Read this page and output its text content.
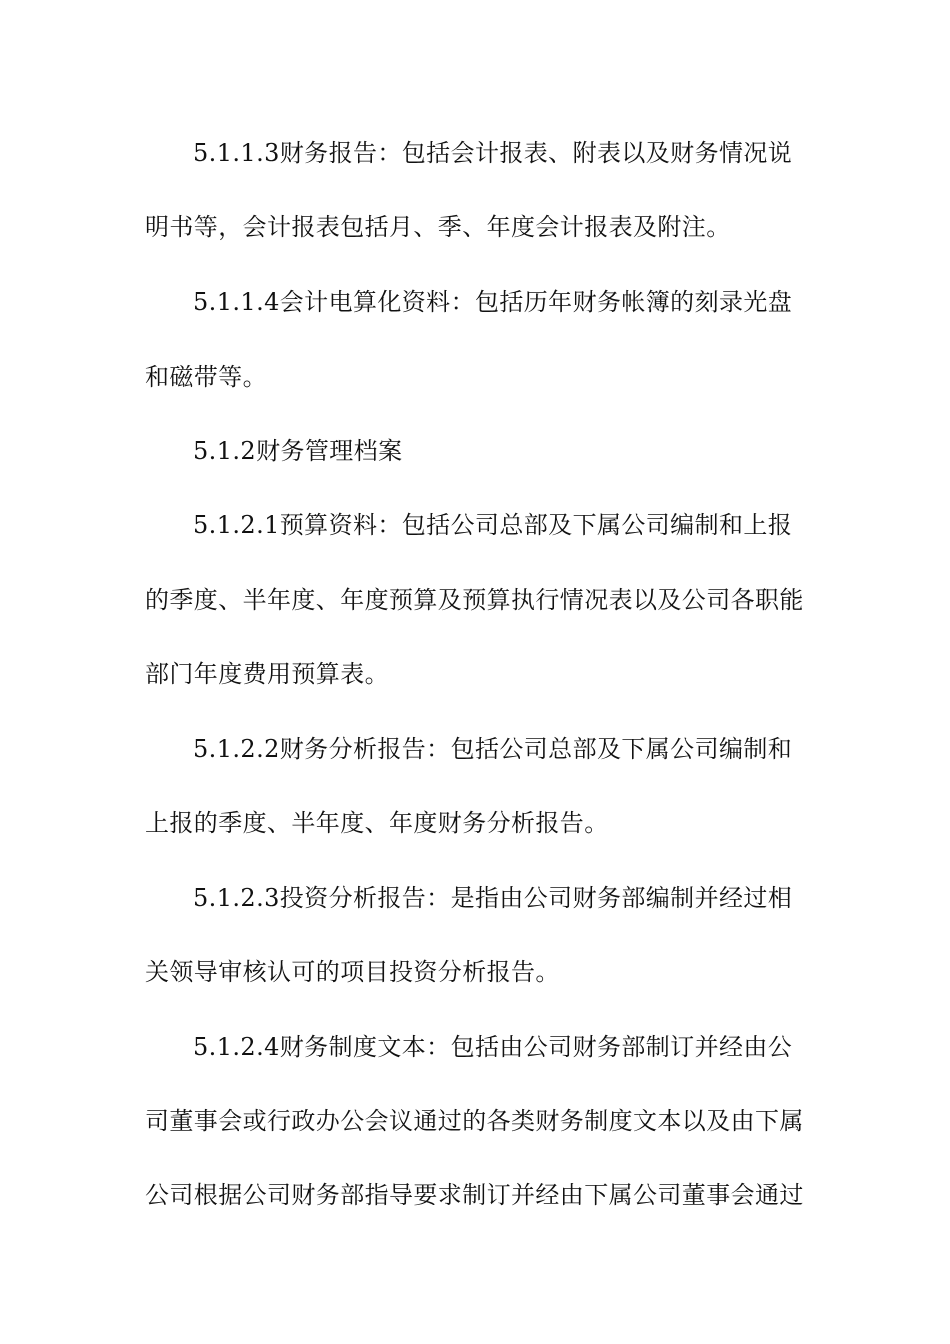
5.1.1.3财务报告：包括会计报表、附表以及财务情况说
明书等，会计报表包括月、季、年度会计报表及附注。
5.1.1.4会计电算化资料：包括历年财务帐簿的刻录光盘
和磁带等。
5.1.2财务管理档案
5.1.2.1预算资料：包括公司总部及下属公司编制和上报
的季度、半年度、年度预算及预算执行情况表以及公司各职能
部门年度费用预算表。
5.1.2.2财务分析报告：包括公司总部及下属公司编制和
上报的季度、半年度、年度财务分析报告。
5.1.2.3投资分析报告：是指由公司财务部编制并经过相
关领导审核认可的项目投资分析报告。
5.1.2.4财务制度文本：包括由公司财务部制订并经由公
司董事会或行政办公会议通过的各类财务制度文本以及由下属
公司根据公司财务部指导要求制订并经由下属公司董事会通过
